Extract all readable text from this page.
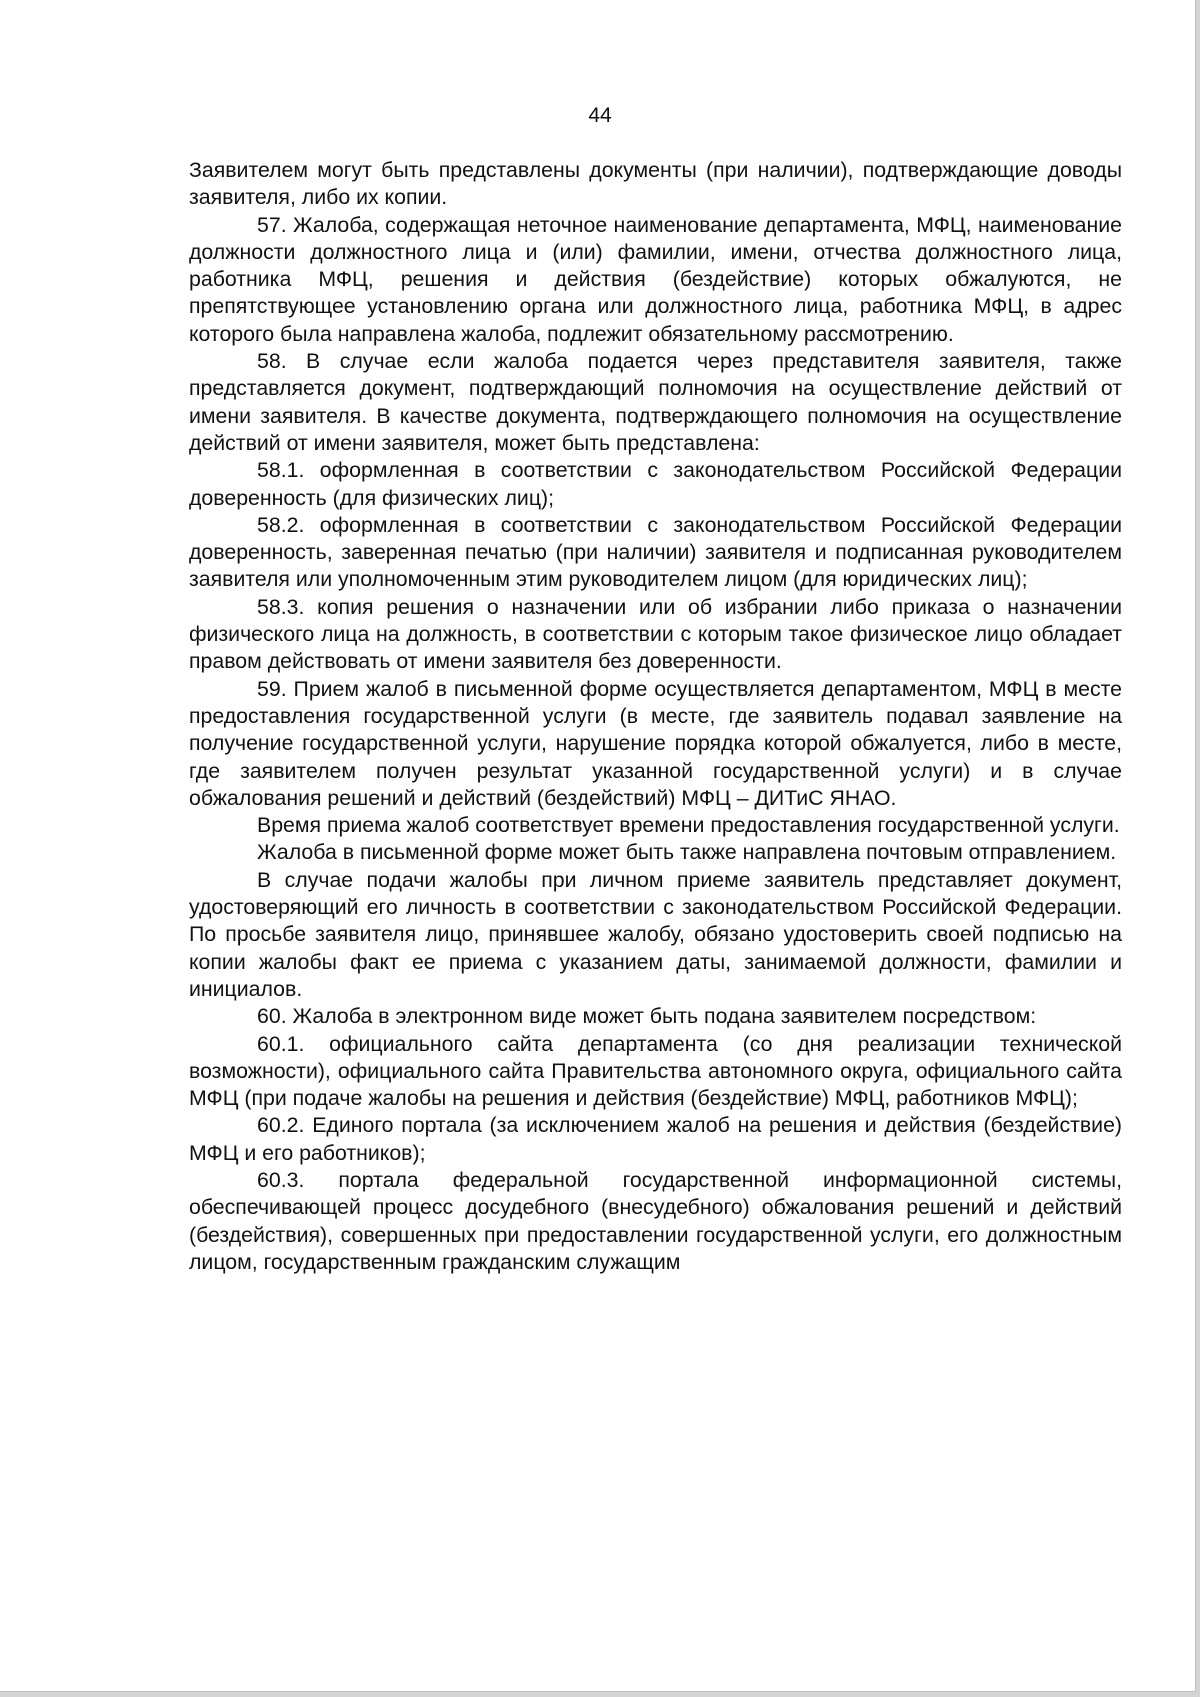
44

Заявителем могут быть представлены документы (при наличии), подтверждающие доводы заявителя, либо их копии.

57. Жалоба, содержащая неточное наименование департамента, МФЦ, наименование должности должностного лица и (или) фамилии, имени, отчества должностного лица, работника МФЦ, решения и действия (бездействие) которых обжалуются, не препятствующее установлению органа или должностного лица, работника МФЦ, в адрес которого была направлена жалоба, подлежит обязательному рассмотрению.

58. В случае если жалоба подается через представителя заявителя, также представляется документ, подтверждающий полномочия на осуществление действий от имени заявителя. В качестве документа, подтверждающего полномочия на осуществление действий от имени заявителя, может быть представлена:

58.1. оформленная в соответствии с законодательством Российской Федерации доверенность (для физических лиц);

58.2. оформленная в соответствии с законодательством Российской Федерации доверенность, заверенная печатью (при наличии) заявителя и подписанная руководителем заявителя или уполномоченным этим руководителем лицом (для юридических лиц);

58.3. копия решения о назначении или об избрании либо приказа о назначении физического лица на должность, в соответствии с которым такое физическое лицо обладает правом действовать от имени заявителя без доверенности.

59. Прием жалоб в письменной форме осуществляется департаментом, МФЦ в месте предоставления государственной услуги (в месте, где заявитель подавал заявление на получение государственной услуги, нарушение порядка которой обжалуется, либо в месте, где заявителем получен результат указанной государственной услуги) и в случае обжалования решений и действий (бездействий) МФЦ – ДИТиС ЯНАО.

Время приема жалоб соответствует времени предоставления государственной услуги.

Жалоба в письменной форме может быть также направлена почтовым отправлением.

В случае подачи жалобы при личном приеме заявитель представляет документ, удостоверяющий его личность в соответствии с законодательством Российской Федерации. По просьбе заявителя лицо, принявшее жалобу, обязано удостоверить своей подписью на копии жалобы факт ее приема с указанием даты, занимаемой должности, фамилии и инициалов.

60. Жалоба в электронном виде может быть подана заявителем посредством:

60.1. официального сайта департамента (со дня реализации технической возможности), официального сайта Правительства автономного округа, официального сайта МФЦ (при подаче жалобы на решения и действия (бездействие) МФЦ, работников МФЦ);

60.2. Единого портала (за исключением жалоб на решения и действия (бездействие) МФЦ и его работников);

60.3. портала федеральной государственной информационной системы, обеспечивающей процесс досудебного (внесудебного) обжалования решений и действий (бездействия), совершенных при предоставлении государственной услуги, его должностным лицом, государственным гражданским служащим
